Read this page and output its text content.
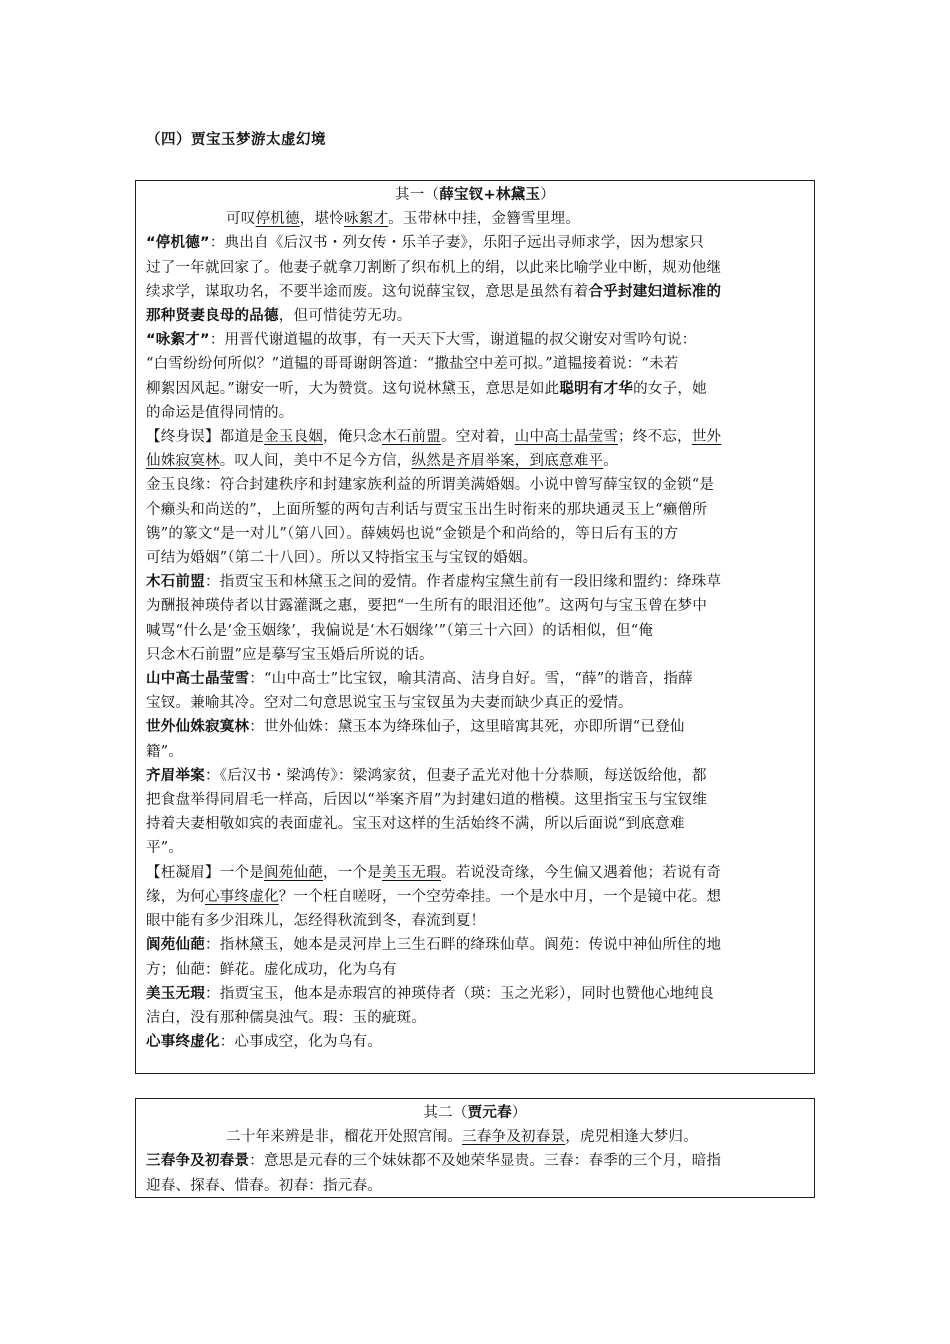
（四）贾宝玉梦游太虚幻境
其一（薛宝钗+林黛玉）
可叹停机德，堪怜咏絮才。玉带林中挂，金簪雪里埋。
“停机德”：典出自《后汉书・列女传・乐羊子妻》，乐阳子远出寻师求学，因为想家只
过了一年就回家了。他妻子就拿刀割断了织布机上的绢，以此来比喻学业中断，规劝他继
续求学，谋取功名，不要半途而废。这句说薛宝钗，意思是虽然有着合乎封建妇道标准的
那种贤妻良母的品德，但可惜徒劳无功。
“咏絮才”：用晋代谢道韫的故事，有一天天下大雪，谢道韫的叔父谢安对雪吟句说：
“白雪纷纷何所似？”道韫的哥哥谢朗答道：“撒盐空中差可拟。”道韫接着说：“未若
柳絮因风起。”谢安一听，大为赞赏。这句说林黛玉，意思是如此聪明有才华的女子，她
的命运是值得同情的。
【终身误】都道是金玉良姻，俺只念木石前盟。空对着，山中高士晶莹雪；终不忘，世外
仙姝寂寞林。叹人间，美中不足今方信，纵然是齐眉举案，到底意难平。
金玉良缘：符合封建秩序和封建家族利益的所谓美满婚姻。小说中曾写薛宝钗的金锁“是
个癞头和尚送的”，上面所錾的两句吉利话与贾宝玉出生时衔来的那块通灵玉上“癞僧所
镌”的篆文“是一对儿”（第八回）。薛姨妈也说“金锁是个和尚给的，等日后有玉的方
可结为婚姻”（第二十八回）。所以又特指宝玉与宝钗的婚姻。
木石前盟：指贾宝玉和林黛玉之间的爱情。作者虚构宝黛生前有一段旧缘和盟约：绛珠草
为酬报神瑛侍者以甘露灌溉之惠，要把“一生所有的眼泪还他”。这两句与宝玉曾在梦中
喊骂“什么是‘金玉姻缘’，我偏说是‘木石姻缘’”（第三十六回）的话相似，但“俺
只念木石前盟”应是摹写宝玉婚后所说的话。
山中高士晶莹雪：“山中高士”比宝钗，喻其清高、洁身自好。雪，“薛”的谐音，指薛
宝钗。兼喻其冷。空对二句意思说宝玉与宝钗虽为夫妻而缺少真正的爱情。
世外仙姝寂寞林：世外仙姝：黛玉本为绛珠仙子，这里暗寓其死，亦即所谓“已登仙
籍”。
齐眉举案：《后汉书・梁鸿传》：梁鸿家贫，但妻子孟光对他十分恭顺，每送饭给他，都
把食盘举得同眉毛一样高，后因以“举案齐眉”为封建妇道的楷模。这里指宝玉与宝钗维
持着夫妻相敬如宾的表面虚礼。宝玉对这样的生活始终不满，所以后面说“到底意难
平”。
【枉凝眉】一个是阆苑仙葩，一个是美玉无瑕。若说没奇缘，今生偏又遇着他；若说有奇
缘，为何心事终虚化？一个枉自嗟呀，一个空劳牵挂。一个是水中月，一个是镜中花。想
眼中能有多少泪珠儿，怎经得秋流到冬，春流到夏！
阆苑仙葩：指林黛玉，她本是灵河岸上三生石畔的绛珠仙草。阆苑：传说中神仙所住的地
方；仙葩：鲜花。虚化成功，化为乌有
美玉无瑕：指贾宝玉，他本是赤瑕宫的神瑛侍者（瑛：玉之光彩），同时也赞他心地纯良
洁白，没有那种儒臭浊气。瑕：玉的疵斑。
心事终虚化：心事成空，化为乌有。
其二（贾元春）
二十年来辨是非，榴花开处照宫闱。三春争及初春景，虎兕相逢大梦归。
三春争及初春景：意思是元春的三个妹妹都不及她荣华显贵。三春：春季的三个月，暗指
迎春、探春、惜春。初春：指元春。
